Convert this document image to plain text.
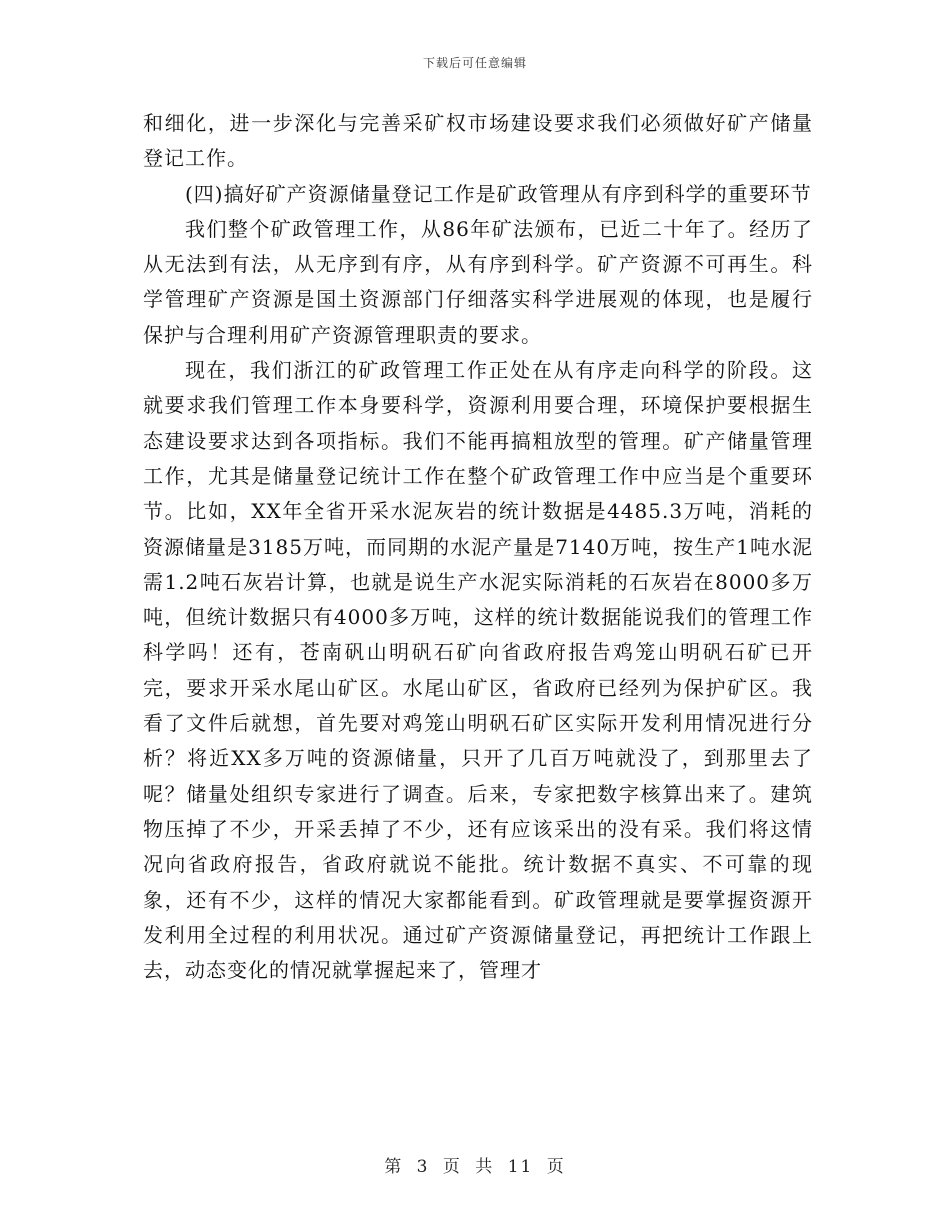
下载后可任意编辑

和细化，进一步深化与完善采矿权市场建设要求我们必须做好矿产储量登记工作。

(四)搞好矿产资源储量登记工作是矿政管理从有序到科学的重要环节

我们整个矿政管理工作，从86年矿法颁布，已近二十年了。经历了从无法到有法，从无序到有序，从有序到科学。矿产资源不可再生。科学管理矿产资源是国土资源部门仔细落实科学进展观的体现，也是履行保护与合理利用矿产资源管理职责的要求。

现在，我们浙江的矿政管理工作正处在从有序走向科学的阶段。这就要求我们管理工作本身要科学，资源利用要合理，环境保护要根据生态建设要求达到各项指标。我们不能再搞粗放型的管理。矿产储量管理工作，尤其是储量登记统计工作在整个矿政管理工作中应当是个重要环节。比如，XX年全省开采水泥灰岩的统计数据是4485.3万吨，消耗的资源储量是3185万吨，而同期的水泥产量是7140万吨，按生产1吨水泥需1.2吨石灰岩计算，也就是说生产水泥实际消耗的石灰岩在8000多万吨，但统计数据只有4000多万吨，这样的统计数据能说我们的管理工作科学吗！还有，苍南矾山明矾石矿向省政府报告鸡笼山明矾石矿已开完，要求开采水尾山矿区。水尾山矿区，省政府已经列为保护矿区。我看了文件后就想，首先要对鸡笼山明矾石矿区实际开发利用情况进行分析？将近XX多万吨的资源储量，只开了几百万吨就没了，到那里去了呢？储量处组织专家进行了调查。后来，专家把数字核算出来了。建筑物压掉了不少，开采丢掉了不少，还有应该采出的没有采。我们将这情况向省政府报告，省政府就说不能批。统计数据不真实、不可靠的现象，还有不少，这样的情况大家都能看到。矿政管理就是要掌握资源开发利用全过程的利用状况。通过矿产资源储量登记，再把统计工作跟上去，动态变化的情况就掌握起来了，管理才

第 3 页 共 11 页
